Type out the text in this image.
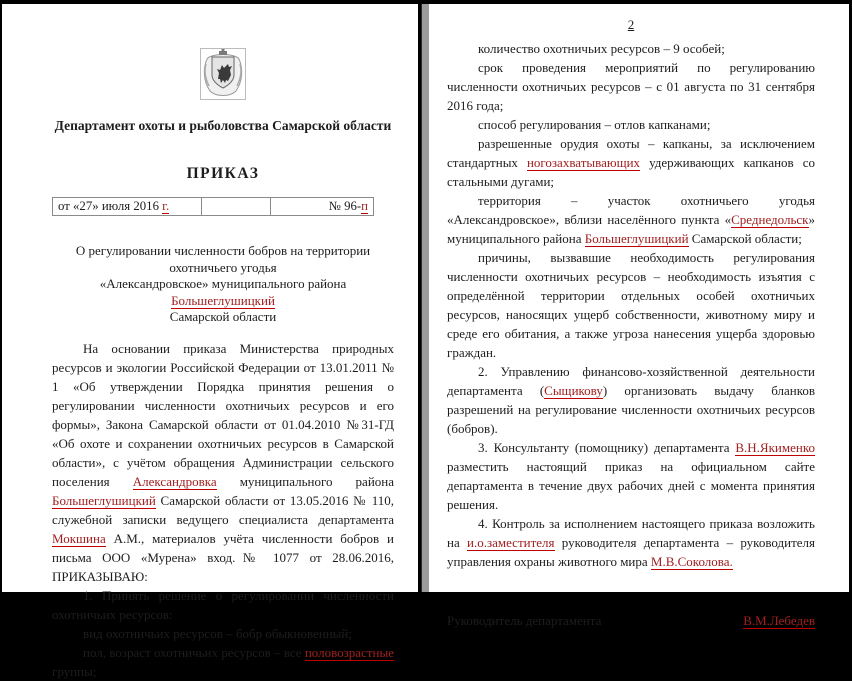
Департамент охоты и рыболовства Самарской области
ПРИКАЗ
от «27» июля 2016 г.		№ 96-п
О регулировании численности бобров на территории охотничьего угодья
«Александровское» муниципального района Большеглушицкий
Самарской области

На основании приказа Министерства природных ресурсов и экологии Российской Федерации от 13.01.2011 № 1 «Об утверждении Порядка принятия решения о регулировании численности охотничьих ресурсов и его формы», Закона Самарской области от 01.04.2010 №31-ГД «Об охоте и сохранении охотничьих ресурсов в Самарской области», с учётом обращения Администрации сельского поселения Александровка муниципального района Большеглушицкий Самарской области от 13.05.2016 № 110, служебной записки ведущего специалиста департамента Мокшина А.М., материалов учёта численности бобров и письма ООО «Мурена» вход.№ 1077 от 28.06.2016, ПРИКАЗЫВАЮ:

1. Принять решение о регулировании численности охотничьих ресурсов:

вид охотничьих ресурсов – бобр обыкновенный;

пол, возраст охотничьих ресурсов – все половозрастные группы;

2

количество охотничьих ресурсов – 9 особей;

срок проведения мероприятий по регулированию численности охотничьих ресурсов – с 01 августа по 31 сентября 2016 года;

способ регулирования – отлов капканами;

разрешенные орудия охоты – капканы, за исключением стандартных ногозахватывающих удерживающих капканов со стальными дугами;

территория – участок охотничьего угодья «Александровское», вблизи населённого пункта «Среднедольск» муниципального района Большеглушицкий Самарской области;

причины, вызвавшие необходимость регулирования численности охотничьих ресурсов – необходимость изъятия с определённой территории отдельных особей охотничьих ресурсов, наносящих ущерб собственности, животному миру и среде его обитания, а также угроза нанесения ущерба здоровью граждан.

2. Управлению финансово-хозяйственной деятельности департамента (Сыщикову) организовать выдачу бланков разрешений на регулирование численности охотничьих ресурсов (бобров).

3. Консультанту (помощнику) департамента В.Н.Якименко разместить настоящий приказ на официальном сайте департамента в течение двух рабочих дней с момента принятия решения.

4. Контроль за исполнением настоящего приказа возложить на и.о.заместителя руководителя департамента – руководителя управления охраны животного мира М.В.Соколова.

Руководитель департамента	В.М.Лебедев
